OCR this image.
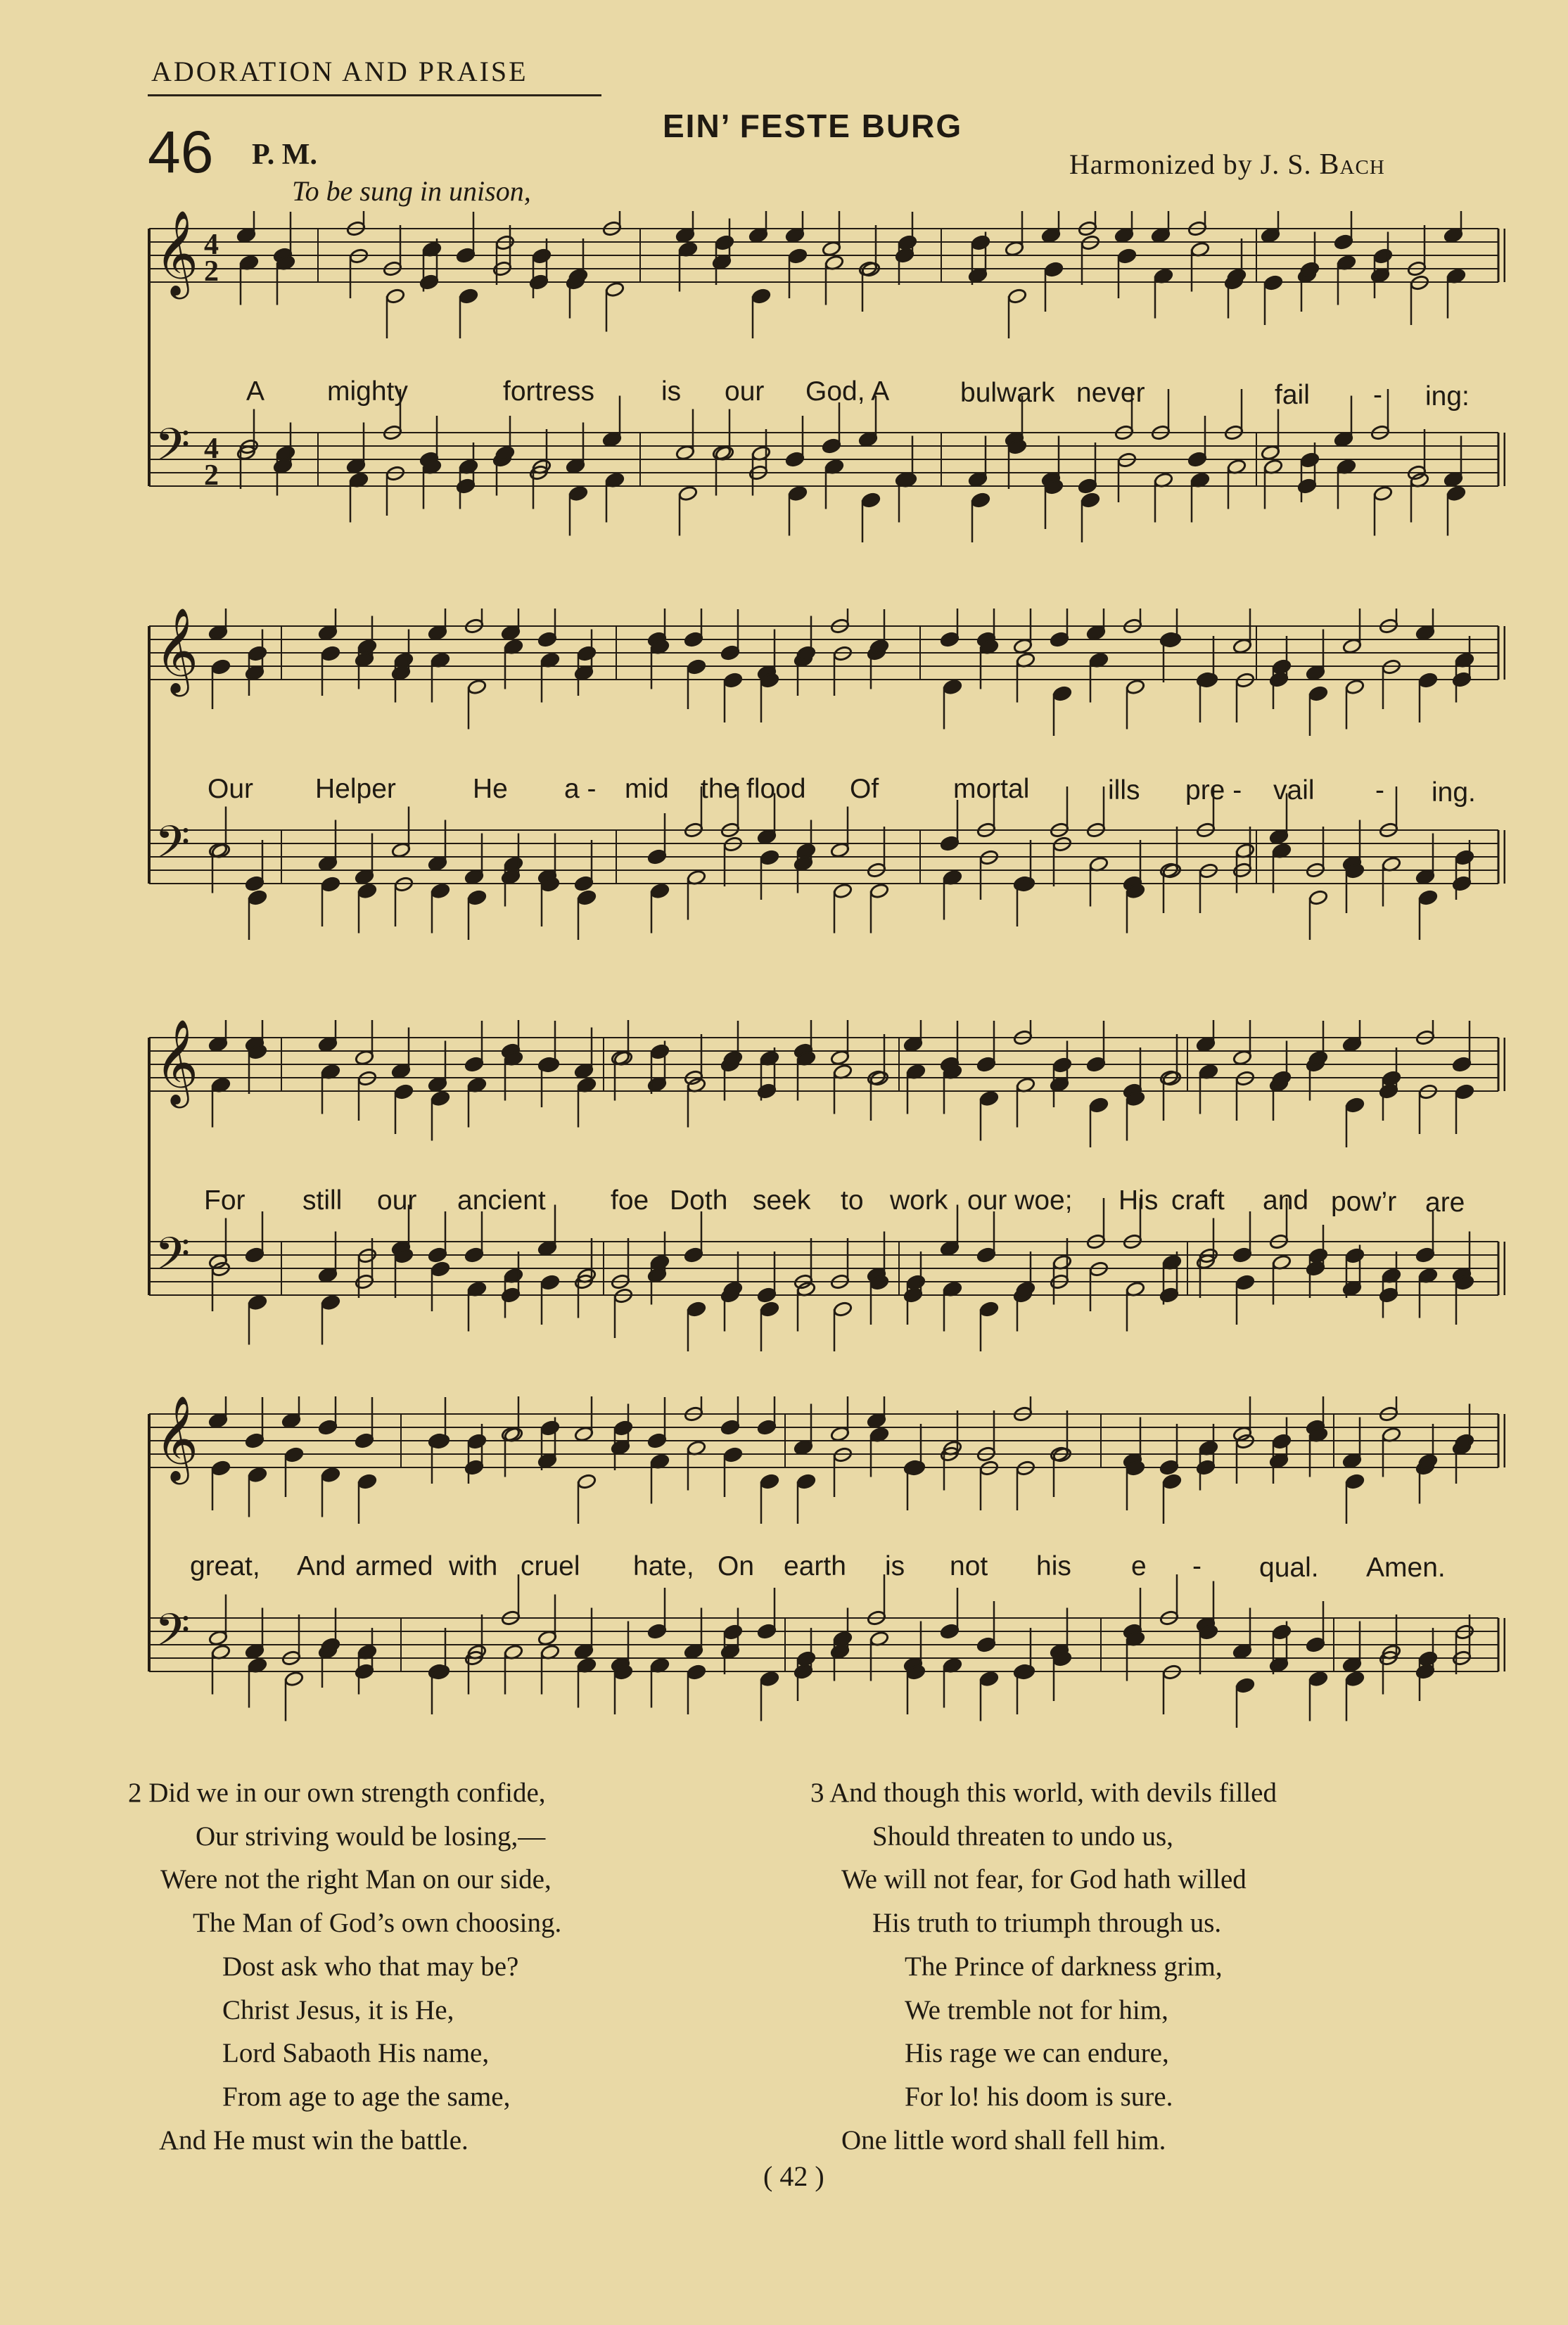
ADORATION AND PRAISE
46 P. M.
EIN’ FESTE BURG
Harmonized by J. S. Bach
To be sung in unison,
𝄞 4
2
𝄢 4
2
A mighty	fortress is our God, A	bulwark never	fail - ing:
𝄞
𝄢
Our Helper	He a - mid the flood Of	mortal	ills pre - vail - ing.
𝄞
𝄢
For still our ancient foe Doth seek to work our woe; His craft and pow’r are
𝄞
𝄢
great, And armed with cruel hate, On earth is not his e - qual. Amen.
2 Did we in our own strength confide,
Our striving would be losing,—
Were not the right Man on our side,
The Man of God’s own choosing.
Dost ask who that may be?
Christ Jesus, it is He,
Lord Sabaoth His name,
From age to age the same,
And He must win the battle.
3 And though this world, with devils filled
Should threaten to undo us,
We will not fear, for God hath willed
His truth to triumph through us.
The Prince of darkness grim,
We tremble not for him,
His rage we can endure,
For lo! his doom is sure.
One little word shall fell him.
( 42 )
